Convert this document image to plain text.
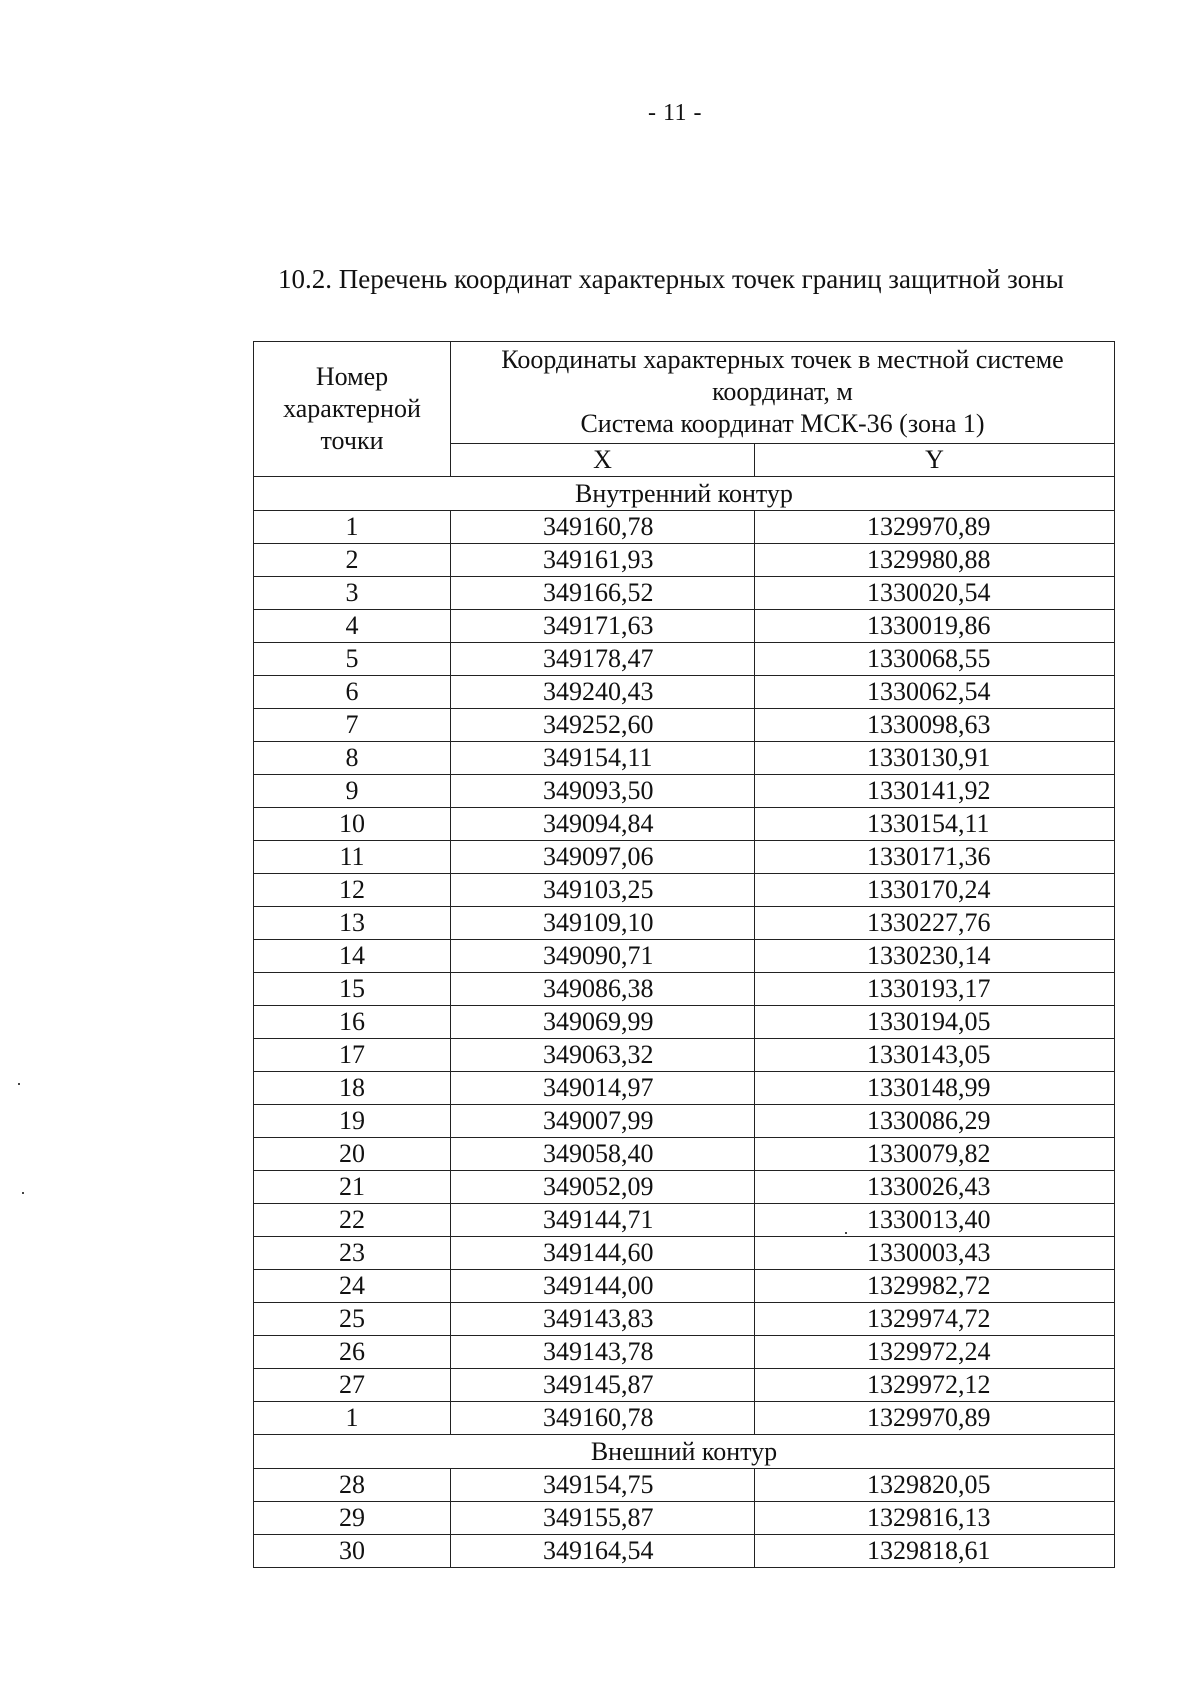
- 11 -
10.2. Перечень координат характерных точек границ защитной зоны
Номер характерной точки	Координаты характерных точек в местной системе координат, м
Система координат МСК-36 (зона 1)	

	X	Y
Внутренний контур		
1	349160,78	1329970,89
2	349161,93	1329980,88
3	349166,52	1330020,54
4	349171,63	1330019,86
5	349178,47	1330068,55
6	349240,43	1330062,54
7	349252,60	1330098,63
8	349154,11	1330130,91
9	349093,50	1330141,92
10	349094,84	1330154,11
11	349097,06	1330171,36
12	349103,25	1330170,24
13	349109,10	1330227,76
14	349090,71	1330230,14
15	349086,38	1330193,17
16	349069,99	1330194,05
17	349063,32	1330143,05
18	349014,97	1330148,99
19	349007,99	1330086,29
20	349058,40	1330079,82
21	349052,09	1330026,43
22	349144,71	1330013,40
23	349144,60	1330003,43
24	349144,00	1329982,72
25	349143,83	1329974,72
26	349143,78	1329972,24
27	349145,87	1329972,12
1	349160,78	1329970,89
Внешний контур		
28	349154,75	1329820,05
29	349155,87	1329816,13
30	349164,54	1329818,61
